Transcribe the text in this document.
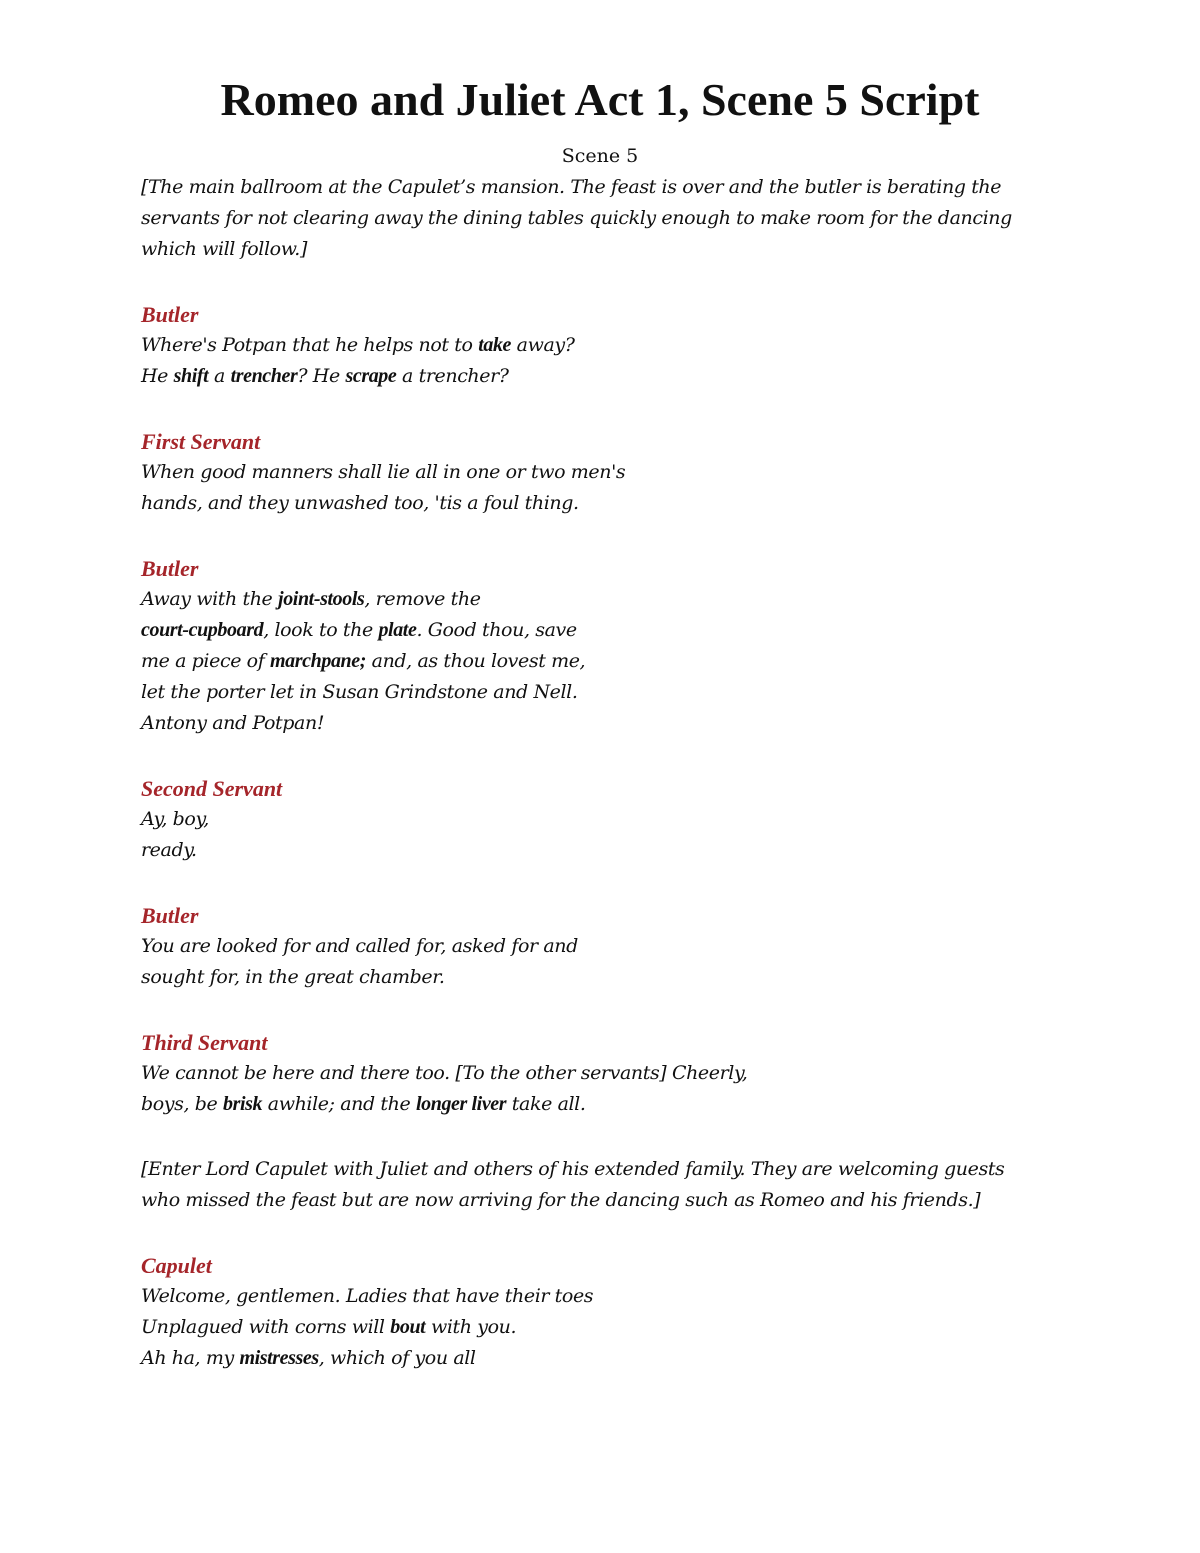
Romeo and Juliet Act 1, Scene 5 Script
Scene 5

[The main ballroom at the Capulet’s mansion. The feast is over and the butler is berating the
servants for not clearing away the dining tables quickly enough to make room for the dancing
which will follow.]

Butler
Where's Potpan that he helps not to take away?
He shift a trencher? He scrape a trencher?
First Servant
When good manners shall lie all in one or two men's
hands, and they unwashed too, 'tis a foul thing.
Butler
Away with the joint-stools, remove the
court-cupboard, look to the plate. Good thou, save
me a piece of marchpane; and, as thou lovest me,
let the porter let in Susan Grindstone and Nell.
Antony and Potpan!
Second Servant
Ay, boy,
ready.
Butler
You are looked for and called for, asked for and
sought for, in the great chamber.
Third Servant
We cannot be here and there too. [To the other servants] Cheerly,
boys, be brisk awhile; and the longer liver take all.

[Enter Lord Capulet with Juliet and others of his extended family. They are welcoming guests
who missed the feast but are now arriving for the dancing such as Romeo and his friends.]

Capulet
Welcome, gentlemen. Ladies that have their toes
Unplagued with corns will bout with you.
Ah ha, my mistresses, which of you all
